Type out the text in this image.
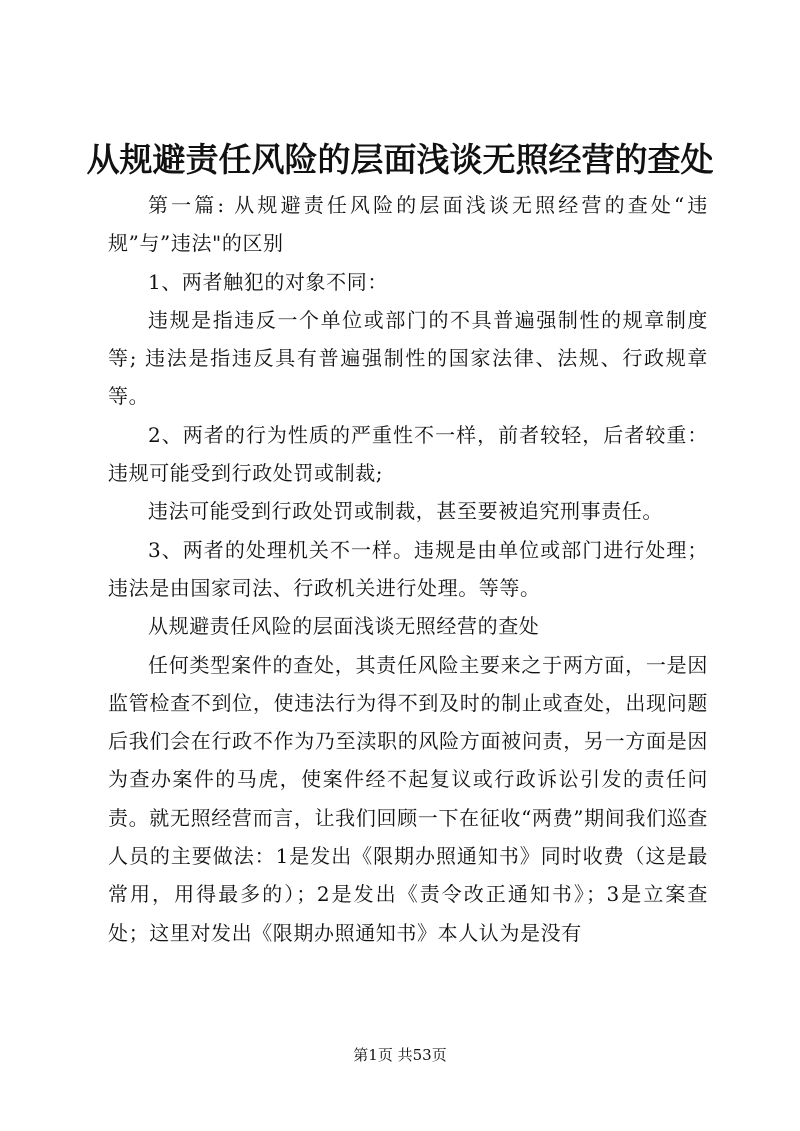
从规避责任风险的层面浅谈无照经营的查处

第一篇: 从规避责任风险的层面浅谈无照经营的查处“违规”与”违法"的区别

1、两者触犯的对象不同：

违规是指违反一个单位或部门的不具普遍强制性的规章制度等; 违法是指违反具有普遍强制性的国家法律、法规、行政规章等。

2、两者的行为性质的严重性不一样，前者较轻，后者较重：违规可能受到行政处罚或制裁;

违法可能受到行政处罚或制裁，甚至要被追究刑事责任。

3、两者的处理机关不一样。违规是由单位或部门进行处理；违法是由国家司法、行政机关进行处理。等等。

从规避责任风险的层面浅谈无照经营的查处

任何类型案件的查处，其责任风险主要来之于两方面，一是因监管检查不到位，使违法行为得不到及时的制止或查处，出现问题后我们会在行政不作为乃至渎职的风险方面被问责，另一方面是因为查办案件的马虎，使案件经不起复议或行政诉讼引发的责任问责。就无照经营而言，让我们回顾一下在征收“两费”期间我们巡查人员的主要做法：1是发出《限期办照通知书》同时收费（这是最常用，用得最多的）；2是发出《责令改正通知书》；3是立案查处；这里对发出《限期办照通知书》本人认为是没有

第1页 共53页
